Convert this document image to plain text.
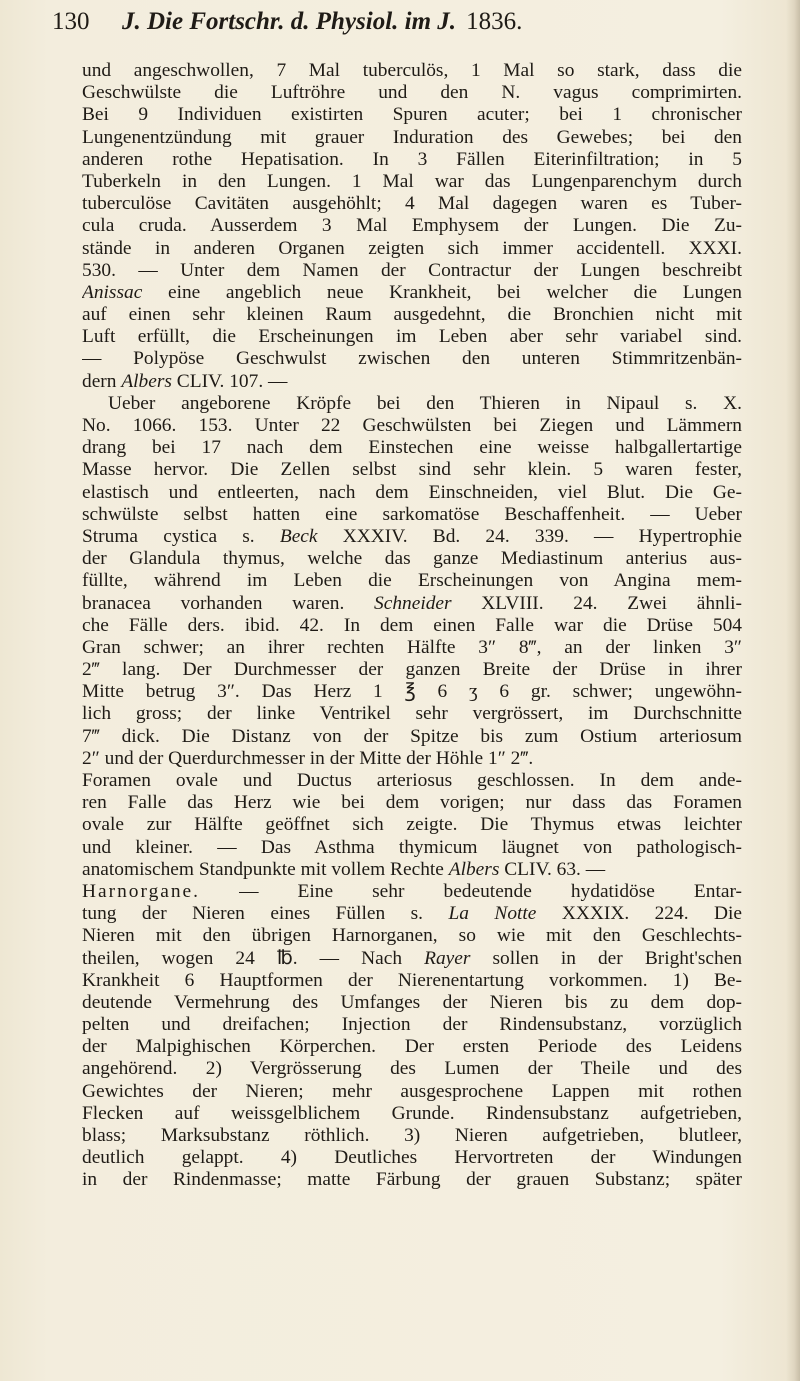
130	J. Die Fortschr. d. Physiol. im J. 1836.
und angeschwollen, 7 Mal tuberculös, 1 Mal so stark, dass die
Geschwülste die Luftröhre und den N. vagus comprimirten.
Bei 9 Individuen existirten Spuren acuter; bei 1 chronischer
Lungenentzündung mit grauer Induration des Gewebes; bei den
anderen rothe Hepatisation. In 3 Fällen Eiterinfiltration; in 5
Tuberkeln in den Lungen. 1 Mal war das Lungenparenchym durch
tuberculöse Cavitäten ausgehöhlt; 4 Mal dagegen waren es Tuber-
cula cruda. Ausserdem 3 Mal Emphysem der Lungen. Die Zu-
stände in anderen Organen zeigten sich immer accidentell. XXXI.
530. — Unter dem Namen der Contractur der Lungen beschreibt
Anissac eine angeblich neue Krankheit, bei welcher die Lungen
auf einen sehr kleinen Raum ausgedehnt, die Bronchien nicht mit
Luft erfüllt, die Erscheinungen im Leben aber sehr variabel sind.
— Polypöse Geschwulst zwischen den unteren Stimmritzenbän-
dern Albers CLIV. 107. —
Ueber angeborene Kröpfe bei den Thieren in Nipaul s. X.
No. 1066. 153. Unter 22 Geschwülsten bei Ziegen und Lämmern
drang bei 17 nach dem Einstechen eine weisse halbgallertartige
Masse hervor. Die Zellen selbst sind sehr klein. 5 waren fester,
elastisch und entleerten, nach dem Einschneiden, viel Blut. Die Ge-
schwülste selbst hatten eine sarkomatöse Beschaffenheit. — Ueber
Struma cystica s. Beck XXXIV. Bd. 24. 339. — Hypertrophie
der Glandula thymus, welche das ganze Mediastinum anterius aus-
füllte, während im Leben die Erscheinungen von Angina mem-
branacea vorhanden waren. Schneider XLVIII. 24. Zwei ähnli-
che Fälle ders. ibid. 42. In dem einen Falle war die Drüse 504
Gran schwer; an ihrer rechten Hälfte 3″ 8‴, an der linken 3″
2‴ lang. Der Durchmesser der ganzen Breite der Drüse in ihrer
Mitte betrug 3″. Das Herz 1 ℥ 6 ʒ 6 gr. schwer; ungewöhn-
lich gross; der linke Ventrikel sehr vergrössert, im Durchschnitte
7‴ dick. Die Distanz von der Spitze bis zum Ostium arteriosum
2″ und der Querdurchmesser in der Mitte der Höhle 1″ 2‴.
Foramen ovale und Ductus arteriosus geschlossen. In dem ande-
ren Falle das Herz wie bei dem vorigen; nur dass das Foramen
ovale zur Hälfte geöffnet sich zeigte. Die Thymus etwas leichter
und kleiner. — Das Asthma thymicum läugnet von pathologisch-
anatomischem Standpunkte mit vollem Rechte Albers CLIV. 63. —
Harnorgane. — Eine sehr bedeutende hydatidöse Entar-
tung der Nieren eines Füllen s. La Notte XXXIX. 224. Die
Nieren mit den übrigen Harnorganen, so wie mit den Geschlechts-
theilen, wogen 24 ℔. — Nach Rayer sollen in der Bright'schen
Krankheit 6 Hauptformen der Nierenentartung vorkommen. 1) Be-
deutende Vermehrung des Umfanges der Nieren bis zu dem dop-
pelten und dreifachen; Injection der Rindensubstanz, vorzüglich
der Malpighischen Körperchen. Der ersten Periode des Leidens
angehörend. 2) Vergrösserung des Lumen der Theile und des
Gewichtes der Nieren; mehr ausgesprochene Lappen mit rothen
Flecken auf weissgelblichem Grunde. Rindensubstanz aufgetrieben,
blass; Marksubstanz röthlich. 3) Nieren aufgetrieben, blutleer,
deutlich gelappt. 4) Deutliches Hervortreten der Windungen
in der Rindenmasse; matte Färbung der grauen Substanz; später
